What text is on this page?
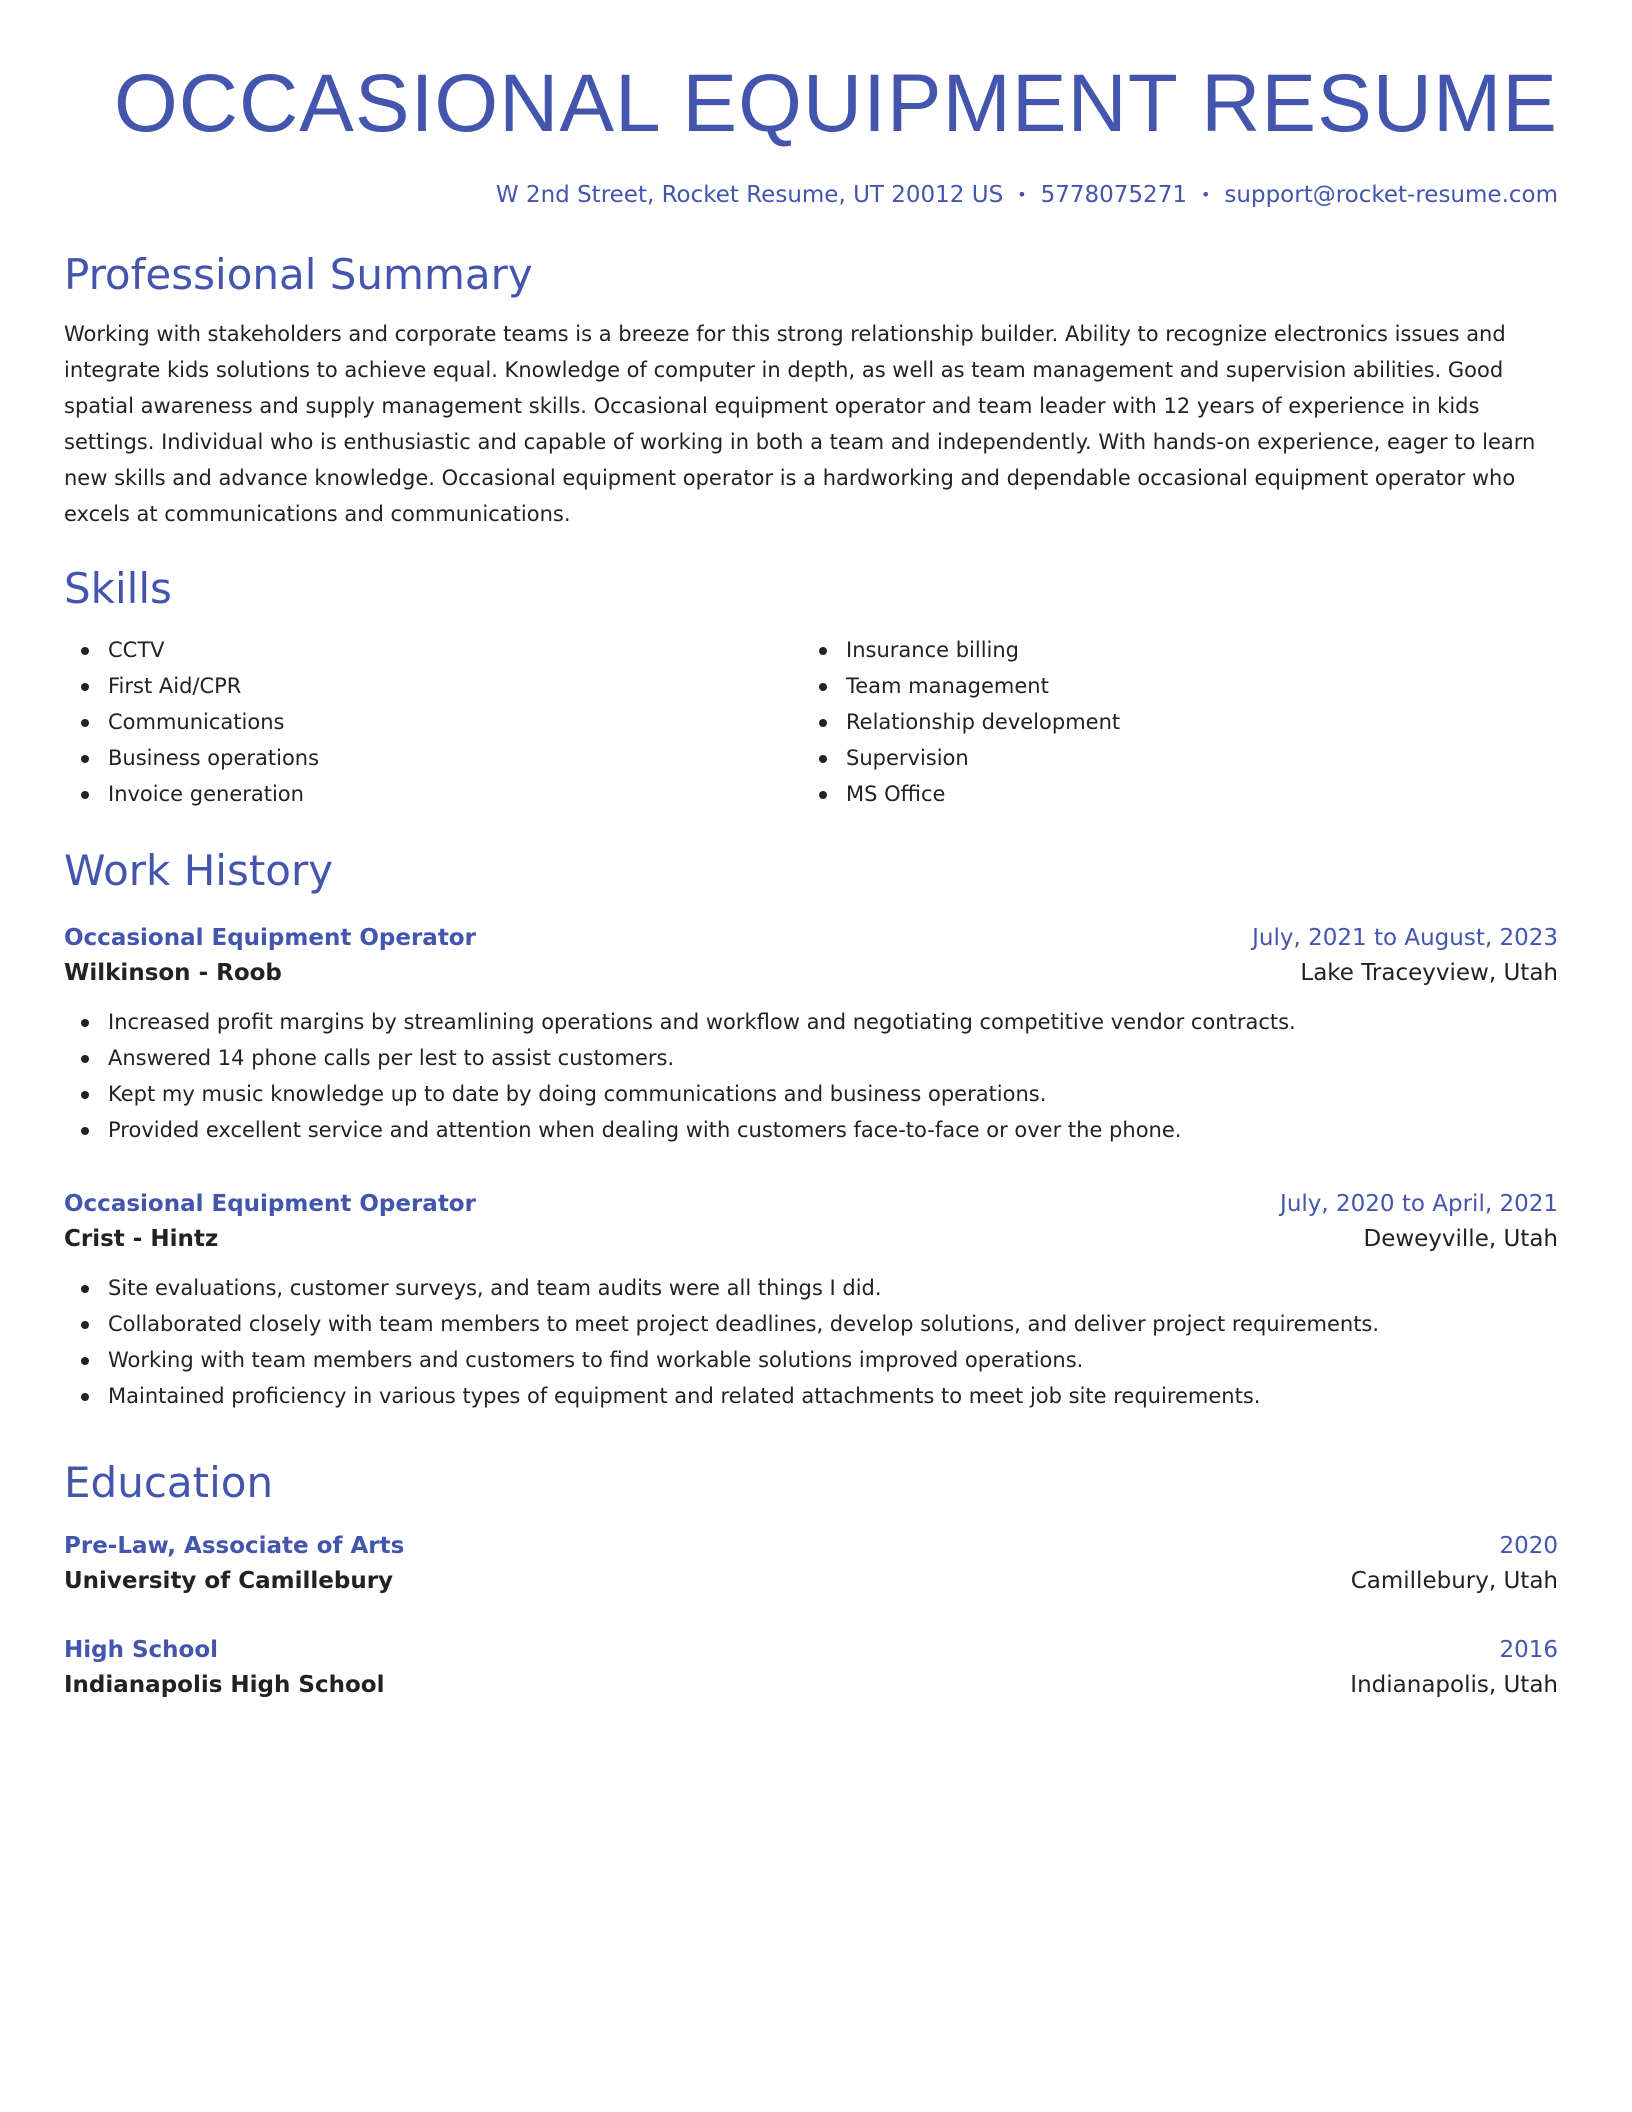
OCCASIONAL EQUIPMENT RESUME
W 2nd Street, Rocket Resume, UT 20012 US • 5778075271 • support@rocket-resume.com
Professional Summary

Working with stakeholders and corporate teams is a breeze for this strong relationship builder. Ability to recognize electronics issues and integrate kids solutions to achieve equal. Knowledge of computer in depth, as well as team management and supervision abilities. Good spatial awareness and supply management skills. Occasional equipment operator and team leader with 12 years of experience in kids settings. Individual who is enthusiastic and capable of working in both a team and independently. With hands-on experience, eager to learn new skills and advance knowledge. Occasional equipment operator is a hardworking and dependable occasional equipment operator who excels at communications and communications.

Skills
CCTV
First Aid/CPR
Communications
Business operations
Invoice generation
Insurance billing
Team management
Relationship development
Supervision
MS Office
Work History
Occasional Equipment Operator	July, 2021 to August, 2023
Wilkinson - Roob	Lake Traceyview, Utah
Increased profit margins by streamlining operations and workflow and negotiating competitive vendor contracts.
Answered 14 phone calls per lest to assist customers.
Kept my music knowledge up to date by doing communications and business operations.
Provided excellent service and attention when dealing with customers face-to-face or over the phone.
Occasional Equipment Operator	July, 2020 to April, 2021
Crist - Hintz	Deweyville, Utah
Site evaluations, customer surveys, and team audits were all things I did.
Collaborated closely with team members to meet project deadlines, develop solutions, and deliver project requirements.
Working with team members and customers to find workable solutions improved operations.
Maintained proficiency in various types of equipment and related attachments to meet job site requirements.
Education
Pre-Law, Associate of Arts	2020
University of Camillebury	Camillebury, Utah
High School	2016
Indianapolis High School	Indianapolis, Utah
